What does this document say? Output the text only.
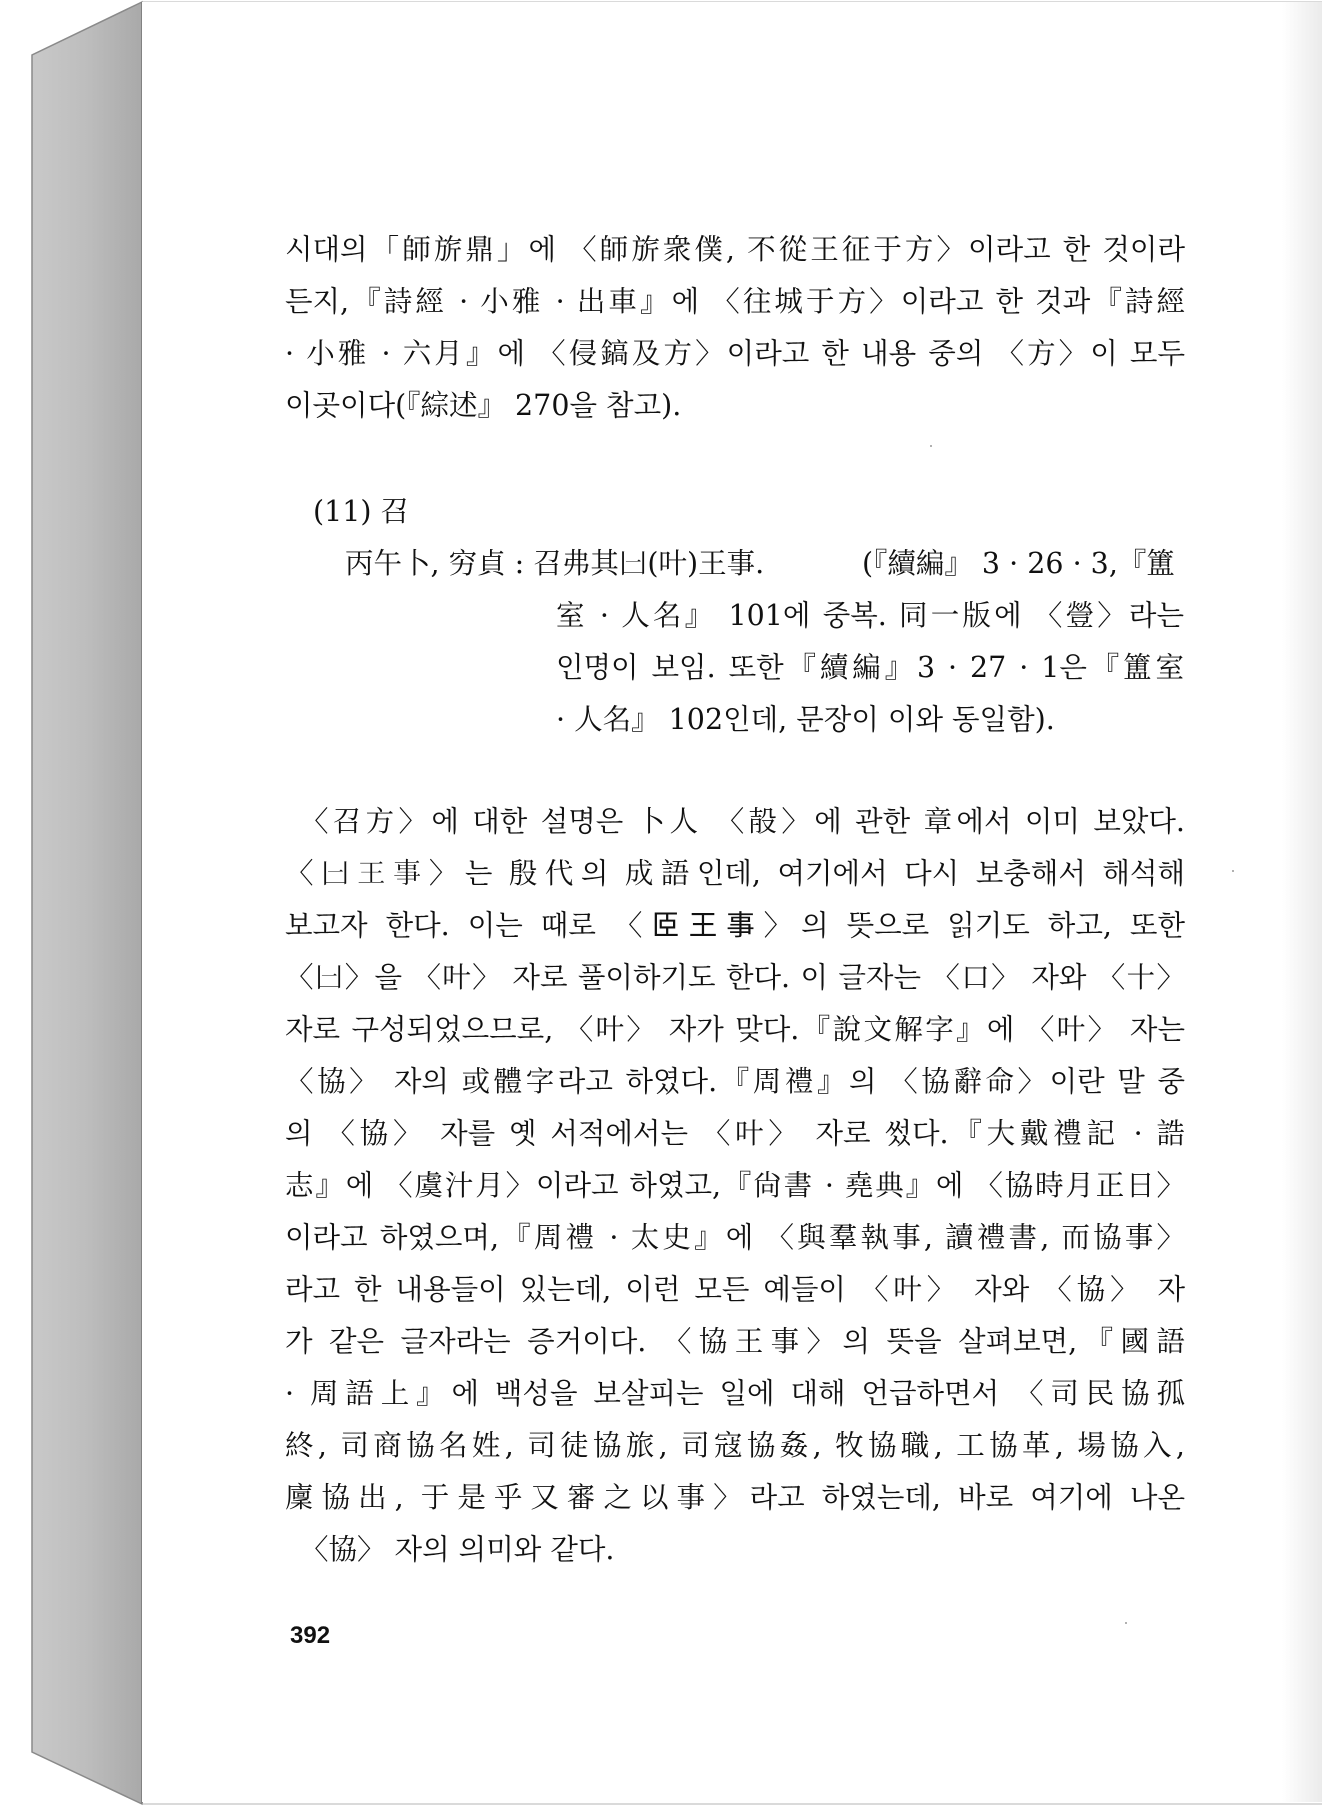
시대의「師旂鼎」에 〈師旂衆僕, 不從王征于方〉이라고 한 것이라
든지,『詩經 · 小雅 · 出車』에 〈往城于方〉이라고 한 것과『詩經
· 小雅 · 六月』에 〈侵鎬及方〉이라고 한 내용 중의 〈方〉이 모두
이곳이다(『綜述』 270을 참고).
(11) 召
丙午卜, 穷貞 : 召弗其𠙵(叶)王事.	(『續編』 3 · 26 · 3,『簠
室 · 人名』 101에 중복. 同一版에 〈䝁〉라는
인명이 보임. 또한『續編』3 · 27 · 1은『簠室
· 人名』 102인데, 문장이 이와 동일함).
〈召方〉에 대한 설명은 卜人 〈㱿〉에 관한 章에서 이미 보았다.
〈𠙵王事〉는 殷代의 成語인데, 여기에서 다시 보충해서 해석해
보고자 한다. 이는 때로 〈𦣞王事〉의 뜻으로 읽기도 하고, 또한
〈𠙵〉을 〈叶〉 자로 풀이하기도 한다. 이 글자는 〈口〉 자와 〈十〉
자로 구성되었으므로, 〈叶〉 자가 맞다.『說文解字』에 〈叶〉 자는
〈協〉 자의 或體字라고 하였다.『周禮』의 〈協辭命〉이란 말 중
의 〈協〉 자를 옛 서적에서는 〈叶〉 자로 썼다.『大戴禮記 · 誥
志』에 〈虞汁月〉이라고 하였고,『尙書 · 堯典』에 〈協時月正日〉
이라고 하였으며,『周禮 · 太史』에 〈與羣執事, 讀禮書, 而協事〉
라고 한 내용들이 있는데, 이런 모든 예들이 〈叶〉 자와 〈協〉 자
가 같은 글자라는 증거이다. 〈協王事〉의 뜻을 살펴보면,『國語
· 周語上』에 백성을 보살피는 일에 대해 언급하면서 〈司民協孤
終, 司商協名姓, 司徒協旅, 司寇協姦, 牧協職, 工協革, 場協入,
廩協出, 于是乎又審之以事〉라고 하였는데, 바로 여기에 나온
〈協〉 자의 의미와 같다.
392
